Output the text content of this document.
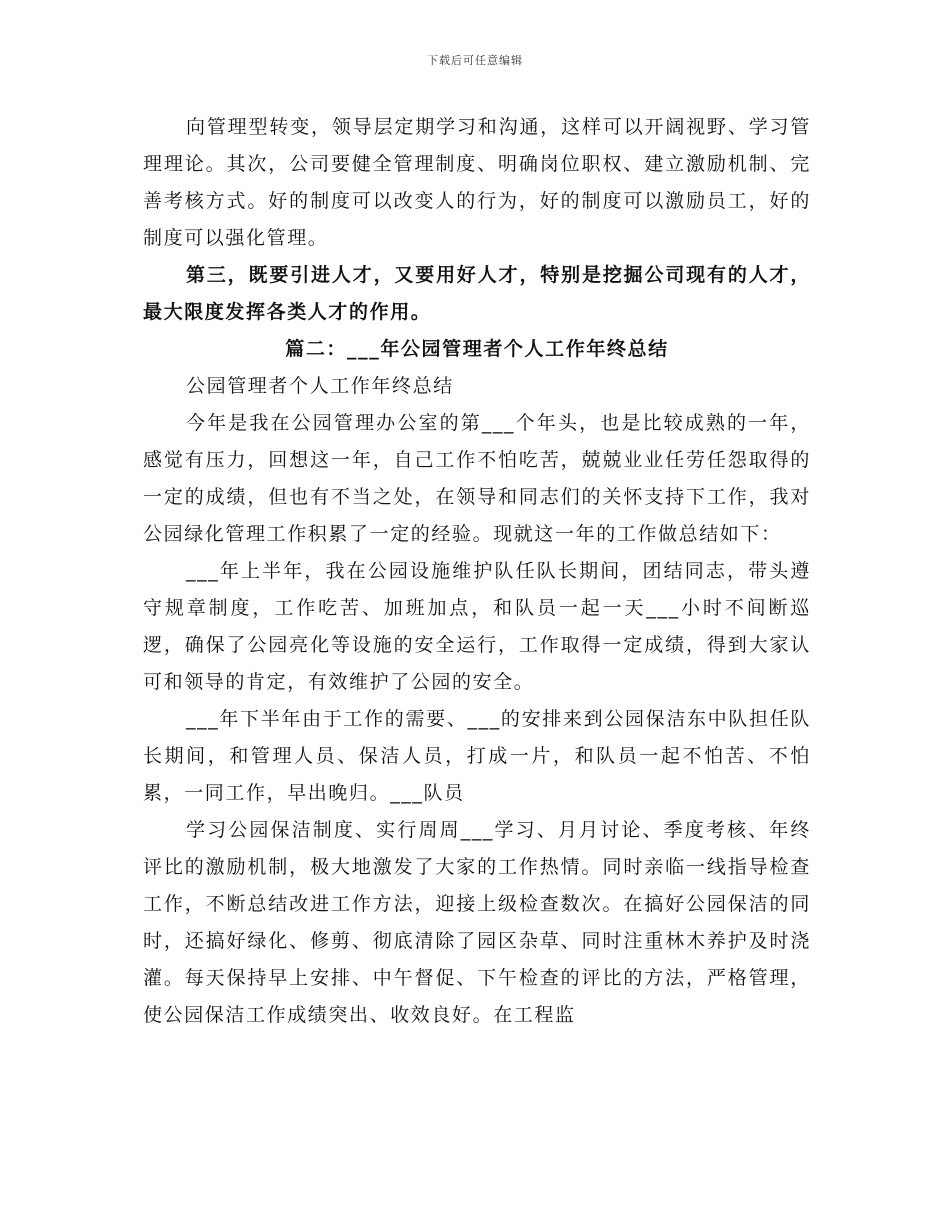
下载后可任意编辑

向管理型转变，领导层定期学习和沟通，这样可以开阔视野、学习管理理论。其次，公司要健全管理制度、明确岗位职权、建立激励机制、完善考核方式。好的制度可以改变人的行为，好的制度可以激励员工，好的制度可以强化管理。

第三，既要引进人才，又要用好人才，特别是挖掘公司现有的人才，最大限度发挥各类人才的作用。

篇二：___年公园管理者个人工作年终总结

公园管理者个人工作年终总结

今年是我在公园管理办公室的第___个年头，也是比较成熟的一年，感觉有压力，回想这一年，自己工作不怕吃苦，兢兢业业任劳任怨取得的一定的成绩，但也有不当之处，在领导和同志们的关怀支持下工作，我对公园绿化管理工作积累了一定的经验。现就这一年的工作做总结如下：

___年上半年，我在公园设施维护队任队长期间，团结同志，带头遵守规章制度，工作吃苦、加班加点，和队员一起一天___小时不间断巡逻，确保了公园亮化等设施的安全运行，工作取得一定成绩，得到大家认可和领导的肯定，有效维护了公园的安全。

___年下半年由于工作的需要、___的安排来到公园保洁东中队担任队长期间，和管理人员、保洁人员，打成一片，和队员一起不怕苦、不怕累，一同工作，早出晚归。___队员

学习公园保洁制度、实行周周___学习、月月讨论、季度考核、年终评比的激励机制，极大地激发了大家的工作热情。同时亲临一线指导检查工作，不断总结改进工作方法，迎接上级检查数次。在搞好公园保洁的同时，还搞好绿化、修剪、彻底清除了园区杂草、同时注重林木养护及时浇灌。每天保持早上安排、中午督促、下午检查的评比的方法，严格管理，使公园保洁工作成绩突出、收效良好。在工程监
